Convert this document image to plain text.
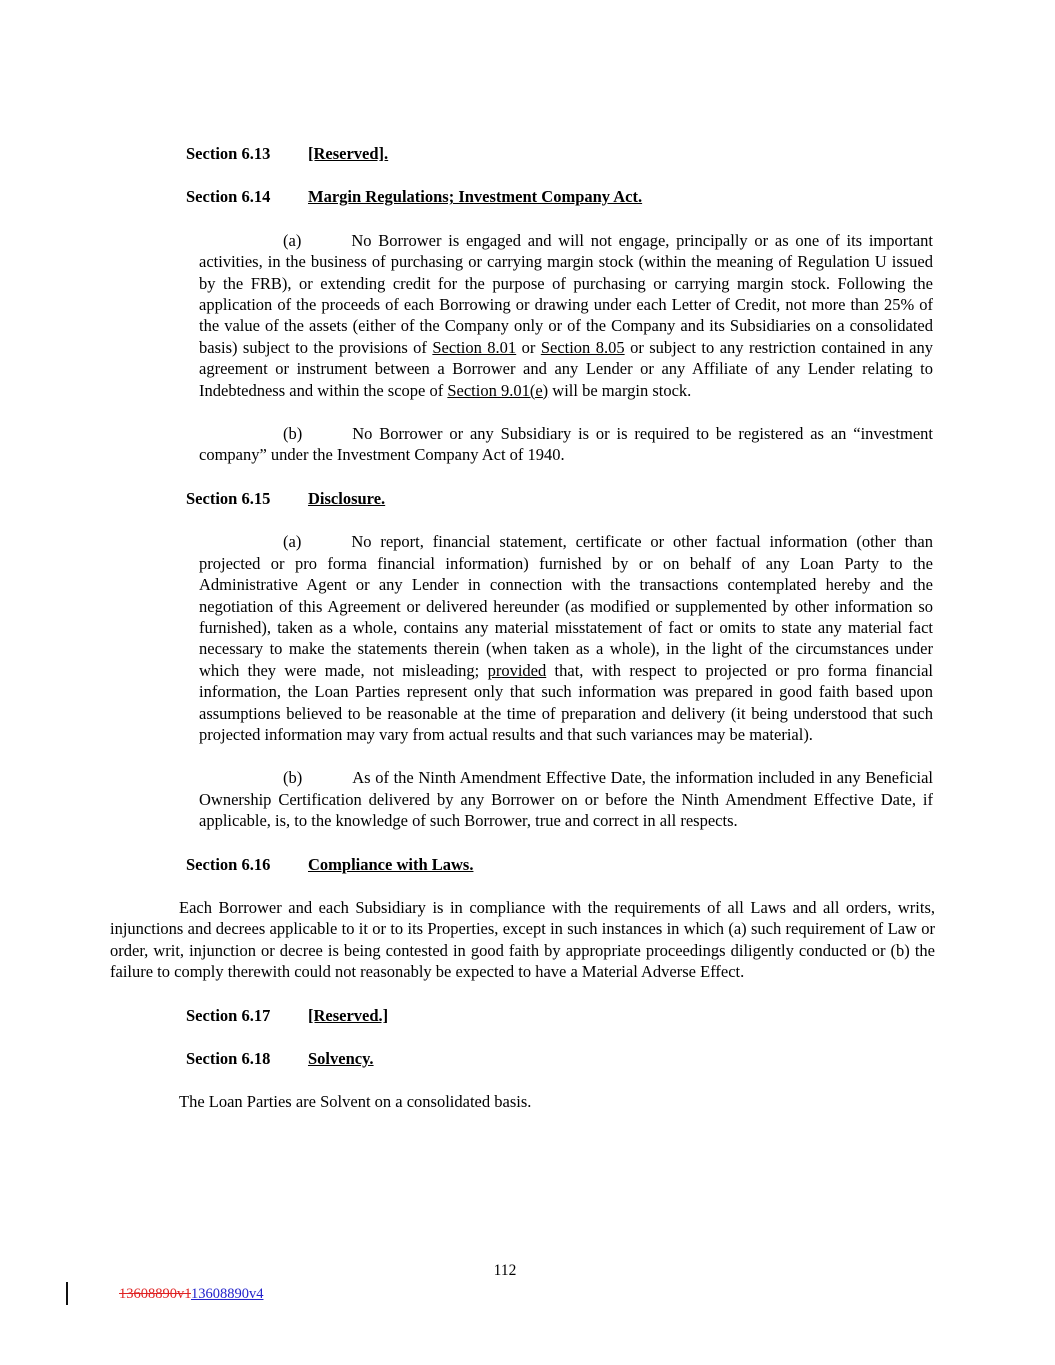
Section 6.13 [Reserved].
Section 6.14 Margin Regulations; Investment Company Act.

(a)	No Borrower is engaged and will not engage, principally or as one of its important activities, in the business of purchasing or carrying margin stock (within the meaning of Regulation U issued by the FRB), or extending credit for the purpose of purchasing or carrying margin stock. Following the application of the proceeds of each Borrowing or drawing under each Letter of Credit, not more than 25% of the value of the assets (either of the Company only or of the Company and its Subsidiaries on a consolidated basis) subject to the provisions of Section 8.01 or Section 8.05 or subject to any restriction contained in any agreement or instrument between a Borrower and any Lender or any Affiliate of any Lender relating to Indebtedness and within the scope of Section 9.01(e) will be margin stock.

(b)	No Borrower or any Subsidiary is or is required to be registered as an “investment company” under the Investment Company Act of 1940.

Section 6.15 Disclosure.

(a)	No report, financial statement, certificate or other factual information (other than projected or pro forma financial information) furnished by or on behalf of any Loan Party to the Administrative Agent or any Lender in connection with the transactions contemplated hereby and the negotiation of this Agreement or delivered hereunder (as modified or supplemented by other information so furnished), taken as a whole, contains any material misstatement of fact or omits to state any material fact necessary to make the statements therein (when taken as a whole), in the light of the circumstances under which they were made, not misleading; provided that, with respect to projected or pro forma financial information, the Loan Parties represent only that such information was prepared in good faith based upon assumptions believed to be reasonable at the time of preparation and delivery (it being understood that such projected information may vary from actual results and that such variances may be material).

(b)	As of the Ninth Amendment Effective Date, the information included in any Beneficial Ownership Certification delivered by any Borrower on or before the Ninth Amendment Effective Date, if applicable, is, to the knowledge of such Borrower, true and correct in all respects.

Section 6.16 Compliance with Laws.

Each Borrower and each Subsidiary is in compliance with the requirements of all Laws and all orders, writs, injunctions and decrees applicable to it or to its Properties, except in such instances in which (a) such requirement of Law or order, writ, injunction or decree is being contested in good faith by appropriate proceedings diligently conducted or (b) the failure to comply therewith could not reasonably be expected to have a Material Adverse Effect.

Section 6.17 [Reserved.]
Section 6.18 Solvency.

The Loan Parties are Solvent on a consolidated basis.

112
13608890v113608890v4
